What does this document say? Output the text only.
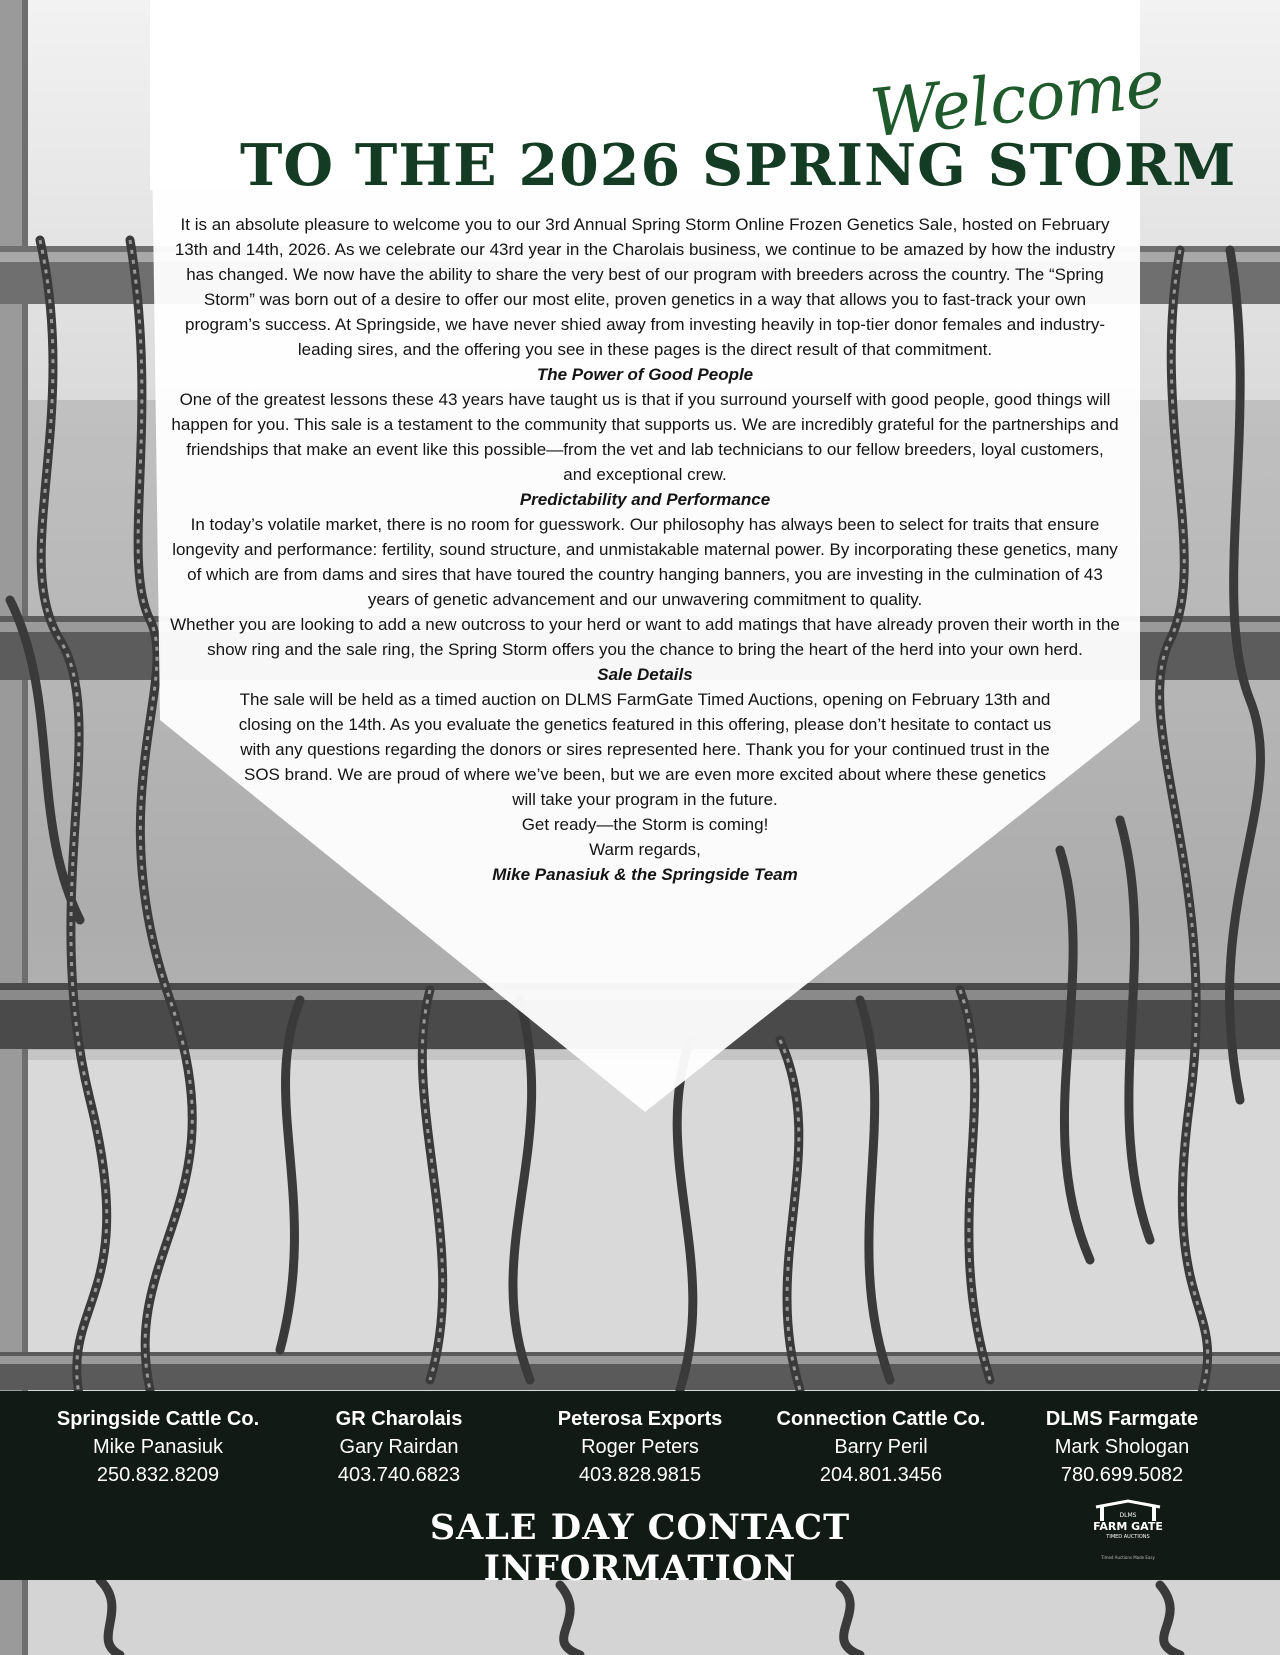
Welcome
TO THE 2026 SPRING STORM

It is an absolute pleasure to welcome you to our 3rd Annual Spring Storm Online Frozen Genetics Sale, hosted on February 13th and 14th, 2026. As we celebrate our 43rd year in the Charolais business, we continue to be amazed by how the industry has changed. We now have the ability to share the very best of our program with breeders across the country. The “Spring Storm” was born out of a desire to offer our most elite, proven genetics in a way that allows you to fast-track your own program’s success. At Springside, we have never shied away from investing heavily in top-tier donor females and industry-leading sires, and the offering you see in these pages is the direct result of that commitment.

The Power of Good People

One of the greatest lessons these 43 years have taught us is that if you surround yourself with good people, good things will happen for you. This sale is a testament to the community that supports us. We are incredibly grateful for the partnerships and friendships that make an event like this possible—from the vet and lab technicians to our fellow breeders, loyal customers, and exceptional crew.

Predictability and Performance

In today’s volatile market, there is no room for guesswork. Our philosophy has always been to select for traits that ensure longevity and performance: fertility, sound structure, and unmistakable maternal power. By incorporating these genetics, many of which are from dams and sires that have toured the country hanging banners, you are investing in the culmination of 43 years of genetic advancement and our unwavering commitment to quality.

Whether you are looking to add a new outcross to your herd or want to add matings that have already proven their worth in the show ring and the sale ring, the Spring Storm offers you the chance to bring the heart of the herd into your own herd.

Sale Details

The sale will be held as a timed auction on DLMS FarmGate Timed Auctions, opening on February 13th and closing on the 14th. As you evaluate the genetics featured in this offering, please don’t hesitate to contact us with any questions regarding the donors or sires represented here. Thank you for your continued trust in the SOS brand. We are proud of where we’ve been, but we are even more excited about where these genetics will take your program in the future.

Get ready—the Storm is coming!

Warm regards,

Mike Panasiuk & the Springside Team

Springside Cattle Co.
Mike Panasiuk
250.832.8209
GR Charolais
Gary Rairdan
403.740.6823
Peterosa Exports
Roger Peters
403.828.9815
Connection Cattle Co.
Barry Peril
204.801.3456
DLMS Farmgate
Mark Shologan
780.699.5082
SALE DAY CONTACT INFORMATION
DLMS
FARM GATE
TIMED AUCTIONS
Timed Auctions Made Easy
